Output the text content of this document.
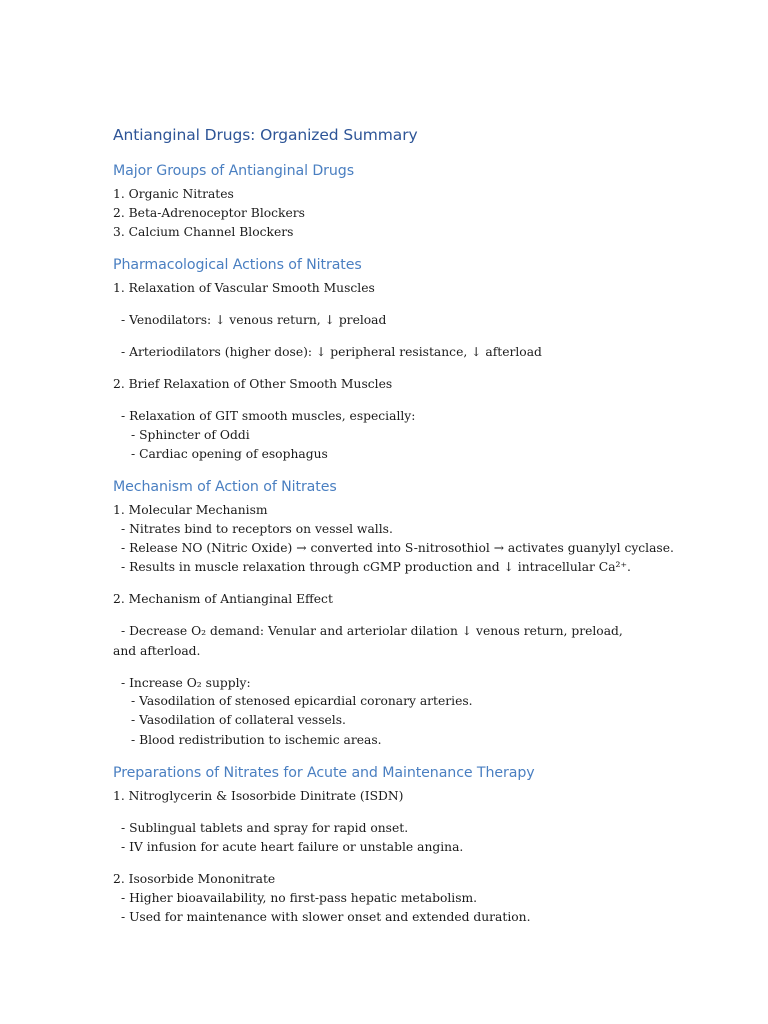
Antianginal Drugs: Organized Summary
Major Groups of Antianginal Drugs
1. Organic Nitrates
2. Beta-Adrenoceptor Blockers
3. Calcium Channel Blockers
Pharmacological Actions of Nitrates
1. Relaxation of Vascular Smooth Muscles
- Venodilators: ↓ venous return, ↓ preload
- Arteriodilators (higher dose): ↓ peripheral resistance, ↓ afterload
2. Brief Relaxation of Other Smooth Muscles
- Relaxation of GIT smooth muscles, especially:
- Sphincter of Oddi
- Cardiac opening of esophagus
Mechanism of Action of Nitrates
1. Molecular Mechanism
- Nitrates bind to receptors on vessel walls.
- Release NO (Nitric Oxide) → converted into S-nitrosothiol → activates guanylyl cyclase.
- Results in muscle relaxation through cGMP production and ↓ intracellular Ca²⁺.
2. Mechanism of Antianginal Effect
- Decrease O₂ demand: Venular and arteriolar dilation ↓ venous return, preload, and afterload.
- Increase O₂ supply:
- Vasodilation of stenosed epicardial coronary arteries.
- Vasodilation of collateral vessels.
- Blood redistribution to ischemic areas.
Preparations of Nitrates for Acute and Maintenance Therapy
1. Nitroglycerin & Isosorbide Dinitrate (ISDN)
- Sublingual tablets and spray for rapid onset.
- IV infusion for acute heart failure or unstable angina.
2. Isosorbide Mononitrate
- Higher bioavailability, no first-pass hepatic metabolism.
- Used for maintenance with slower onset and extended duration.
